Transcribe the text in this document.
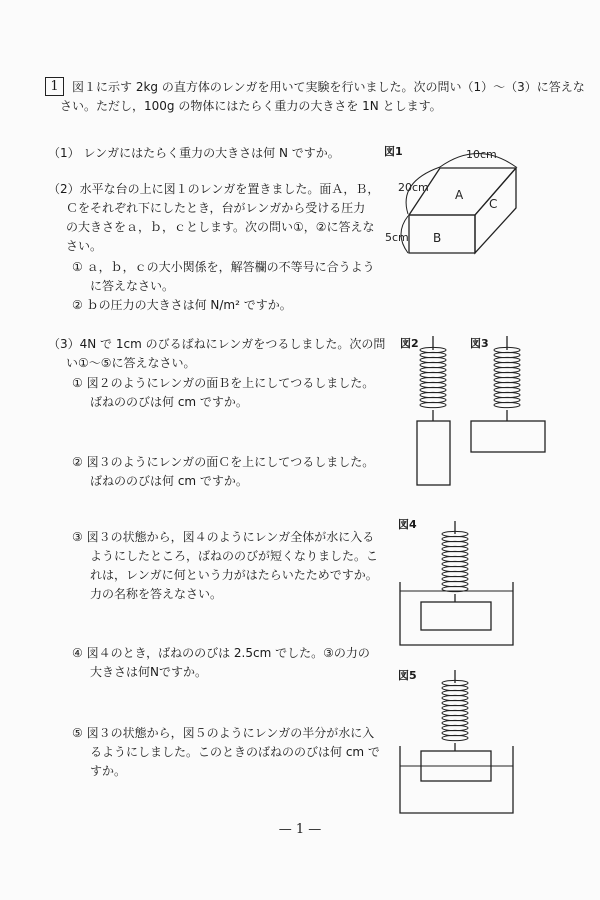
1	図１に示す 2kg の直方体のレンガを用いて実験を行いました。次の問い（1）～（3）に答えな
さい。ただし，100g の物体にはたらく重力の大きさを 1N とします。
（1） レンガにはたらく重力の大きさは何 N ですか。
（2）水平な台の上に図１のレンガを置きました。面Ａ，Ｂ，
Ｃをそれぞれ下にしたとき，台がレンガから受ける圧力
の大きさをａ，ｂ，ｃとします。次の問い①，②に答えな
さい。
① ａ，ｂ，ｃの大小関係を，解答欄の不等号に合うよう
に答えなさい。
② ｂの圧力の大きさは何 N/m² ですか。
（3）4N で 1cm のびるばねにレンガをつるしました。次の問
い①～⑤に答えなさい。
① 図２のようにレンガの面Ｂを上にしてつるしました。
ばねののびは何 cm ですか。
② 図３のようにレンガの面Ｃを上にしてつるしました。
ばねののびは何 cm ですか。
③ 図３の状態から，図４のようにレンガ全体が水に入る
ようにしたところ，ばねののびが短くなりました。こ
れは，レンガに何という力がはたらいたためですか。
力の名称を答えなさい。
④ 図４のとき，ばねののびは 2.5cm でした。③の力の
大きさは何Nですか。
⑤ 図３の状態から，図５のようにレンガの半分が水に入
るようにしました。このときのばねののびは何 cm で
すか。
図1
図2	図3
図4
図5
10cm
20cm
5cm
A
B
C
— 1 —
